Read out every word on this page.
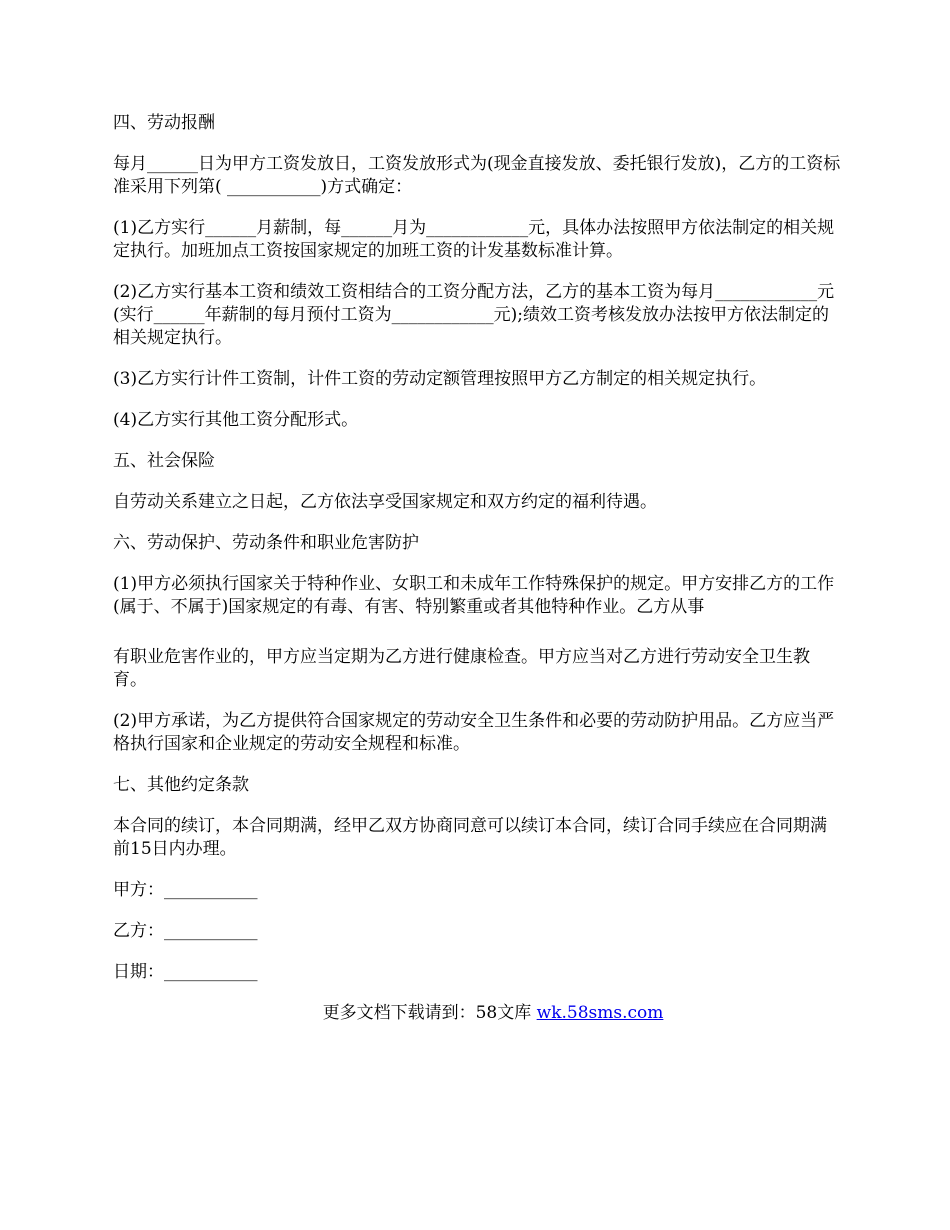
四、劳动报酬

每月______日为甲方工资发放日，工资发放形式为(现金直接发放、委托银行发放)，乙方的工资标准采用下列第( ___________)方式确定：

(1)乙方实行______月薪制，每______月为____________元，具体办法按照甲方依法制定的相关规定执行。加班加点工资按国家规定的加班工资的计发基数标准计算。

(2)乙方实行基本工资和绩效工资相结合的工资分配方法，乙方的基本工资为每月____________元(实行______年薪制的每月预付工资为____________元);绩效工资考核发放办法按甲方依法制定的相关规定执行。

(3)乙方实行计件工资制，计件工资的劳动定额管理按照甲方乙方制定的相关规定执行。

(4)乙方实行其他工资分配形式。

五、社会保险

自劳动关系建立之日起，乙方依法享受国家规定和双方约定的福利待遇。

六、劳动保护、劳动条件和职业危害防护

(1)甲方必须执行国家关于特种作业、女职工和未成年工作特殊保护的规定。甲方安排乙方的工作(属于、不属于)国家规定的有毒、有害、特别繁重或者其他特种作业。乙方从事

有职业危害作业的，甲方应当定期为乙方进行健康检查。甲方应当对乙方进行劳动安全卫生教育。

(2)甲方承诺，为乙方提供符合国家规定的劳动安全卫生条件和必要的劳动防护用品。乙方应当严格执行国家和企业规定的劳动安全规程和标准。

七、其他约定条款

本合同的续订，本合同期满，经甲乙双方协商同意可以续订本合同，续订合同手续应在合同期满前15日内办理。

甲方：___________

乙方：___________

日期：___________

更多文档下载请到：58文库 wk.58sms.com
